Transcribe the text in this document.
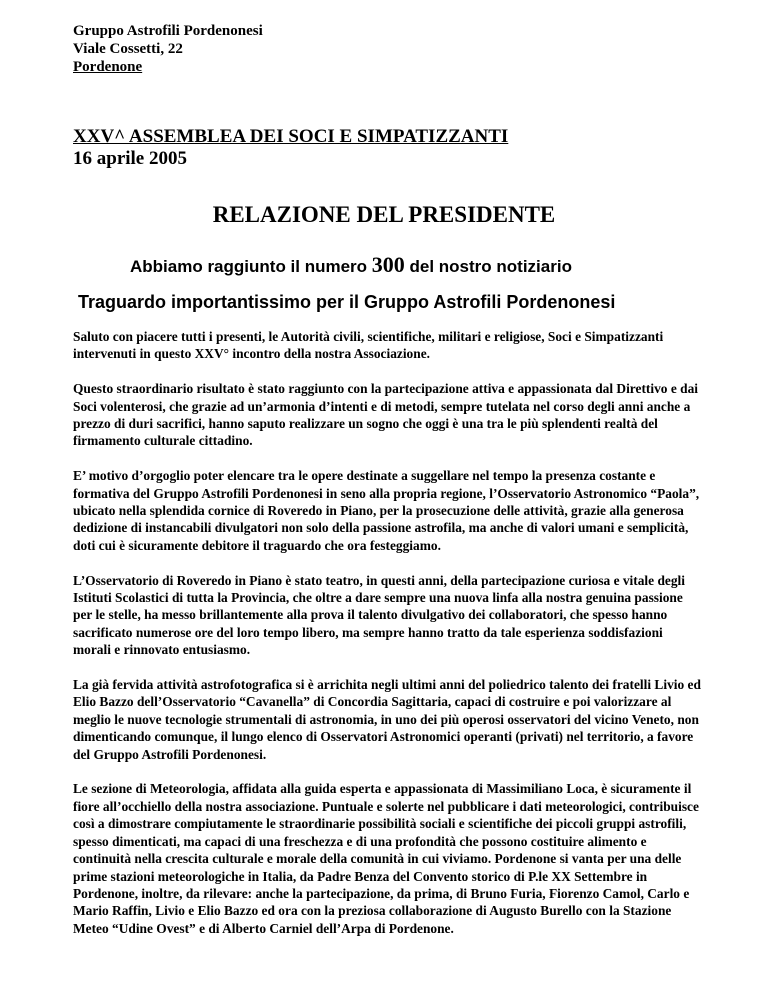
Gruppo Astrofili Pordenonesi
Viale Cossetti, 22
Pordenone
XXV^ ASSEMBLEA DEI SOCI E SIMPATIZZANTI
16 aprile 2005
RELAZIONE DEL PRESIDENTE
Abbiamo raggiunto il numero 300 del nostro notiziario
Traguardo importantissimo per il Gruppo Astrofili Pordenonesi

Saluto con piacere tutti i presenti, le Autorità civili, scientifiche, militari e religiose, Soci e Simpatizzanti intervenuti in questo XXV° incontro della nostra Associazione.

Questo straordinario risultato è stato raggiunto con la partecipazione attiva e appassionata dal Direttivo e dai Soci volenterosi, che grazie ad un’armonia d’intenti e di metodi, sempre tutelata nel corso degli anni anche a prezzo di duri sacrifici, hanno saputo realizzare un sogno che oggi è una tra le più splendenti realtà del firmamento culturale cittadino.

E’ motivo d’orgoglio poter elencare tra le opere destinate a suggellare nel tempo la presenza costante e formativa del Gruppo Astrofili Pordenonesi in seno alla propria regione, l’Osservatorio Astronomico “Paola”, ubicato nella splendida cornice di Roveredo in Piano, per la prosecuzione delle attività, grazie alla generosa dedizione di instancabili divulgatori non solo della passione astrofila, ma anche di valori umani e semplicità, doti cui è sicuramente debitore il traguardo che ora festeggiamo.

L’Osservatorio di Roveredo in Piano è stato teatro, in questi anni, della partecipazione curiosa e vitale degli Istituti Scolastici di tutta la Provincia, che oltre a dare sempre una nuova linfa alla nostra genuina passione per le stelle, ha messo brillantemente alla prova il talento divulgativo dei collaboratori, che spesso hanno sacrificato numerose ore del loro tempo libero, ma sempre hanno tratto da tale esperienza soddisfazioni morali e rinnovato entusiasmo.

La già fervida attività astrofotografica si è arrichita negli ultimi anni del poliedrico talento dei fratelli Livio ed Elio Bazzo dell’Osservatorio “Cavanella” di Concordia Sagittaria, capaci di costruire e poi valorizzare al meglio le nuove tecnologie strumentali di astronomia, in uno dei più operosi osservatori del vicino Veneto, non dimenticando comunque, il lungo elenco di Osservatori Astronomici operanti (privati) nel territorio, a favore del Gruppo Astrofili Pordenonesi.

Le sezione di Meteorologia, affidata alla guida esperta e appassionata di Massimiliano Loca, è sicuramente il fiore all’occhiello della nostra associazione. Puntuale e solerte nel pubblicare i dati meteorologici, contribuisce così a dimostrare compiutamente le straordinarie possibilità sociali e scientifiche dei piccoli gruppi astrofili, spesso dimenticati, ma capaci di una freschezza e di una profondità che possono costituire alimento e continuità nella crescita culturale e morale della comunità in cui viviamo. Pordenone si vanta per una delle prime stazioni meteorologiche in Italia, da Padre Benza del Convento storico di P.le XX Settembre in Pordenone, inoltre, da rilevare: anche la partecipazione, da prima, di Bruno Furia, Fiorenzo Camol, Carlo e Mario Raffin, Livio e Elio Bazzo ed ora con la preziosa collaborazione di Augusto Burello con la Stazione Meteo “Udine Ovest” e di Alberto Carniel dell’Arpa di Pordenone.
